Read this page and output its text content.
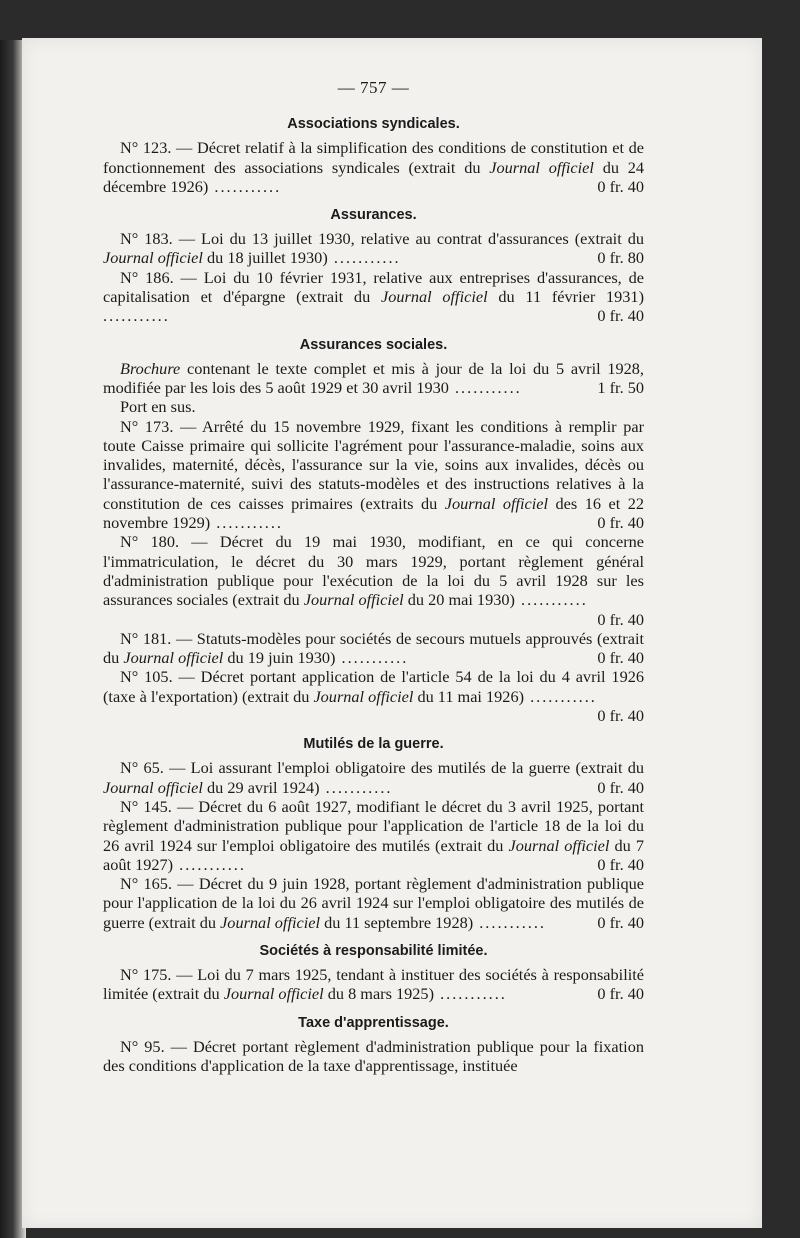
— 757 —
Associations syndicales.
N° 123. — Décret relatif à la simplification des conditions de constitution et de fonctionnement des associations syndicales (extrait du Journal officiel du 24 décembre 1926) ...........	0 fr. 40
Assurances.
N° 183. — Loi du 13 juillet 1930, relative au contrat d'assurances (extrait du Journal officiel du 18 juillet 1930) ...........	0 fr. 80
N° 186. — Loi du 10 février 1931, relative aux entreprises d'assurances, de capitalisation et d'épargne (extrait du Journal officiel du 11 février 1931) ...........	0 fr. 40
Assurances sociales.
Brochure contenant le texte complet et mis à jour de la loi du 5 avril 1928, modifiée par les lois des 5 août 1929 et 30 avril 1930 ...........	1 fr. 50
Port en sus.
N° 173. — Arrêté du 15 novembre 1929, fixant les conditions à remplir par toute Caisse primaire qui sollicite l'agrément pour l'assurance-maladie, soins aux invalides, maternité, décès, l'assurance sur la vie, soins aux invalides, décès ou l'assurance-maternité, suivi des statuts-modèles et des instructions relatives à la constitution de ces caisses primaires (extraits du Journal officiel des 16 et 22 novembre 1929) ...........	0 fr. 40
N° 180. — Décret du 19 mai 1930, modifiant, en ce qui concerne l'immatriculation, le décret du 30 mars 1929, portant règlement général d'administration publique pour l'exécution de la loi du 5 avril 1928 sur les assurances sociales (extrait du Journal officiel du 20 mai 1930) ...........
0 fr. 40
N° 181. — Statuts-modèles pour sociétés de secours mutuels approuvés (extrait du Journal officiel du 19 juin 1930) ...........	0 fr. 40
N° 105. — Décret portant application de l'article 54 de la loi du 4 avril 1926 (taxe à l'exportation) (extrait du Journal officiel du 11 mai 1926) ...........
0 fr. 40
Mutilés de la guerre.
N° 65. — Loi assurant l'emploi obligatoire des mutilés de la guerre (extrait du Journal officiel du 29 avril 1924) ...........	0 fr. 40
N° 145. — Décret du 6 août 1927, modifiant le décret du 3 avril 1925, portant règlement d'administration publique pour l'application de l'article 18 de la loi du 26 avril 1924 sur l'emploi obligatoire des mutilés (extrait du Journal officiel du 7 août 1927) ...........	0 fr. 40
N° 165. — Décret du 9 juin 1928, portant règlement d'administration publique pour l'application de la loi du 26 avril 1924 sur l'emploi obligatoire des mutilés de guerre (extrait du Journal officiel du 11 septembre 1928) ...........	0 fr. 40
Sociétés à responsabilité limitée.
N° 175. — Loi du 7 mars 1925, tendant à instituer des sociétés à responsabilité limitée (extrait du Journal officiel du 8 mars 1925) ...........	0 fr. 40
Taxe d'apprentissage.
N° 95. — Décret portant règlement d'administration publique pour la fixation des conditions d'application de la taxe d'apprentissage, instituée
